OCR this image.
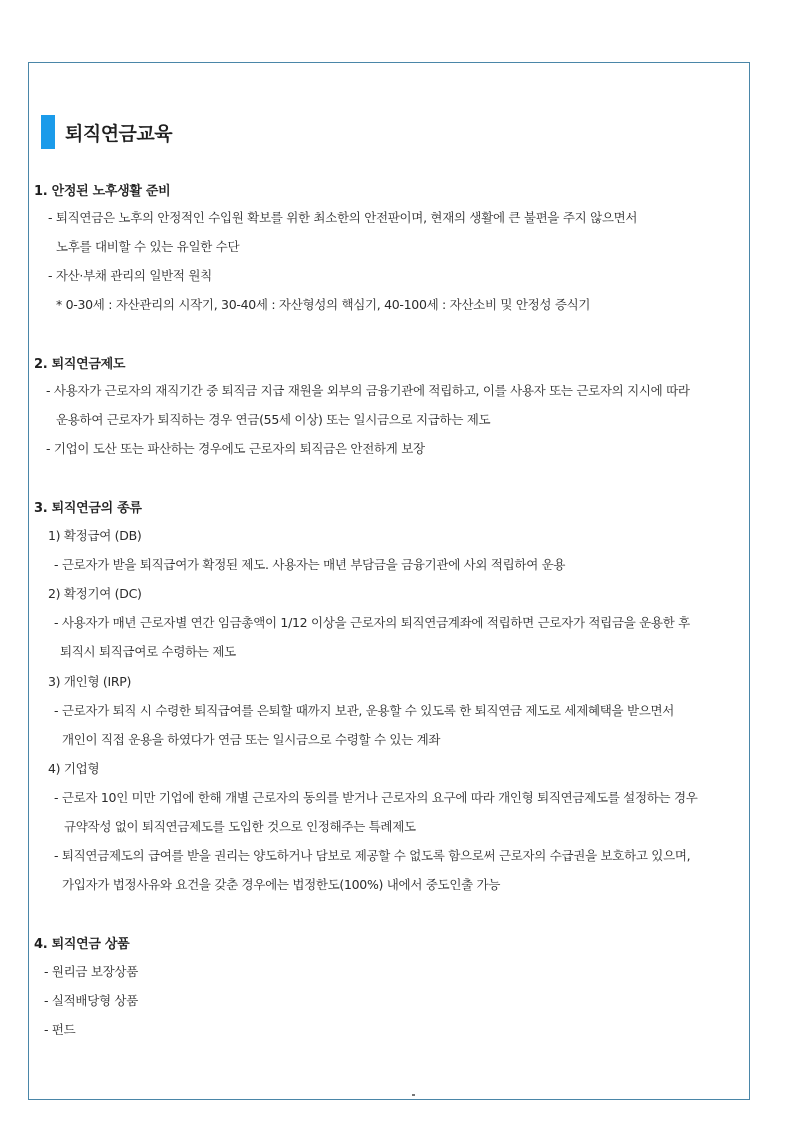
퇴직연금교육
1. 안정된 노후생활 준비
- 퇴직연금은 노후의 안정적인 수입원 확보를 위한 최소한의 안전판이며, 현재의 생활에 큰 불편을 주지 않으면서
노후를 대비할 수 있는 유일한 수단
- 자산·부채 관리의 일반적 원칙
* 0-30세 : 자산관리의 시작기, 30-40세 : 자산형성의 핵심기, 40-100세 : 자산소비 및 안정성 증식기
2. 퇴직연금제도
- 사용자가 근로자의 재직기간 중 퇴직금 지급 재원을 외부의 금융기관에 적립하고, 이를 사용자 또는 근로자의 지시에 따라
운용하여 근로자가 퇴직하는 경우 연금(55세 이상) 또는 일시금으로 지급하는 제도
- 기업이 도산 또는 파산하는 경우에도 근로자의 퇴직금은 안전하게 보장
3. 퇴직연금의 종류
1) 확정급여 (DB)
- 근로자가 받을 퇴직급여가 확정된 제도. 사용자는 매년 부담금을 금융기관에 사외 적립하여 운용
2) 확정기여 (DC)
- 사용자가 매년 근로자별 연간 임금총액이 1/12 이상을 근로자의 퇴직연금계좌에 적립하면 근로자가 적립금을 운용한 후
퇴직시 퇴직급여로 수령하는 제도
3) 개인형 (IRP)
- 근로자가 퇴직 시 수령한 퇴직급여를 은퇴할 때까지 보관, 운용할 수 있도록 한 퇴직연금 제도로 세제혜택을 받으면서
개인이 직접 운용을 하였다가 연금 또는 일시금으로 수령할 수 있는 계좌
4) 기업형
- 근로자 10인 미만 기업에 한해 개별 근로자의 동의를 받거나 근로자의 요구에 따라 개인형 퇴직연금제도를 설정하는 경우
규약작성 없이 퇴직연금제도를 도입한 것으로 인정해주는 특례제도
- 퇴직연금제도의 급여를 받을 권리는 양도하거나 담보로 제공할 수 없도록 함으로써 근로자의 수급권을 보호하고 있으며,
가입자가 법정사유와 요건을 갖춘 경우에는 법정한도(100%) 내에서 중도인출 가능
4. 퇴직연금 상품
- 원리금 보장상품
- 실적배당형 상품
- 펀드
